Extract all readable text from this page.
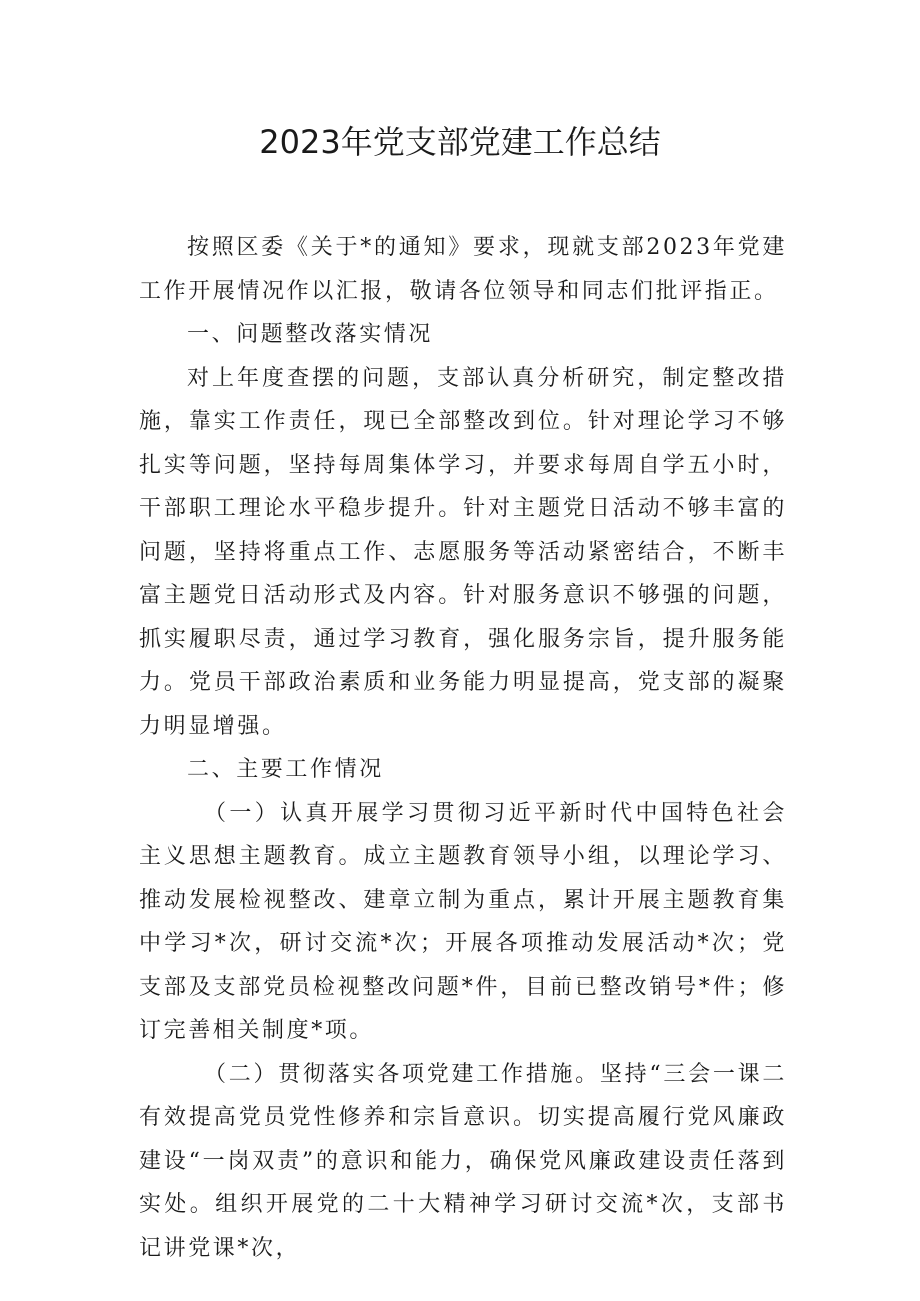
2023年党支部党建工作总结

按照区委《关于*的通知》要求，现就支部2023年党建工作开展情况作以汇报，敬请各位领导和同志们批评指正。

一、问题整改落实情况

对上年度查摆的问题，支部认真分析研究，制定整改措施，靠实工作责任，现已全部整改到位。针对理论学习不够扎实等问题，坚持每周集体学习，并要求每周自学五小时，干部职工理论水平稳步提升。针对主题党日活动不够丰富的问题，坚持将重点工作、志愿服务等活动紧密结合，不断丰富主题党日活动形式及内容。针对服务意识不够强的问题，抓实履职尽责，通过学习教育，强化服务宗旨，提升服务能力。党员干部政治素质和业务能力明显提高，党支部的凝聚力明显增强。

二、主要工作情况

（一）认真开展学习贯彻习近平新时代中国特色社会主义思想主题教育。成立主题教育领导小组，以理论学习、推动发展检视整改、建章立制为重点，累计开展主题教育集中学习*次，研讨交流*次；开展各项推动发展活动*次；党支部及支部党员检视整改问题*件，目前已整改销号*件；修订完善相关制度*项。

（二）贯彻落实各项党建工作措施。坚持“三会一课二有效提高党员党性修养和宗旨意识。切实提高履行党风廉政建设“一岗双责”的意识和能力，确保党风廉政建设责任落到实处。组织开展党的二十大精神学习研讨交流*次，支部书记讲党课*次，
